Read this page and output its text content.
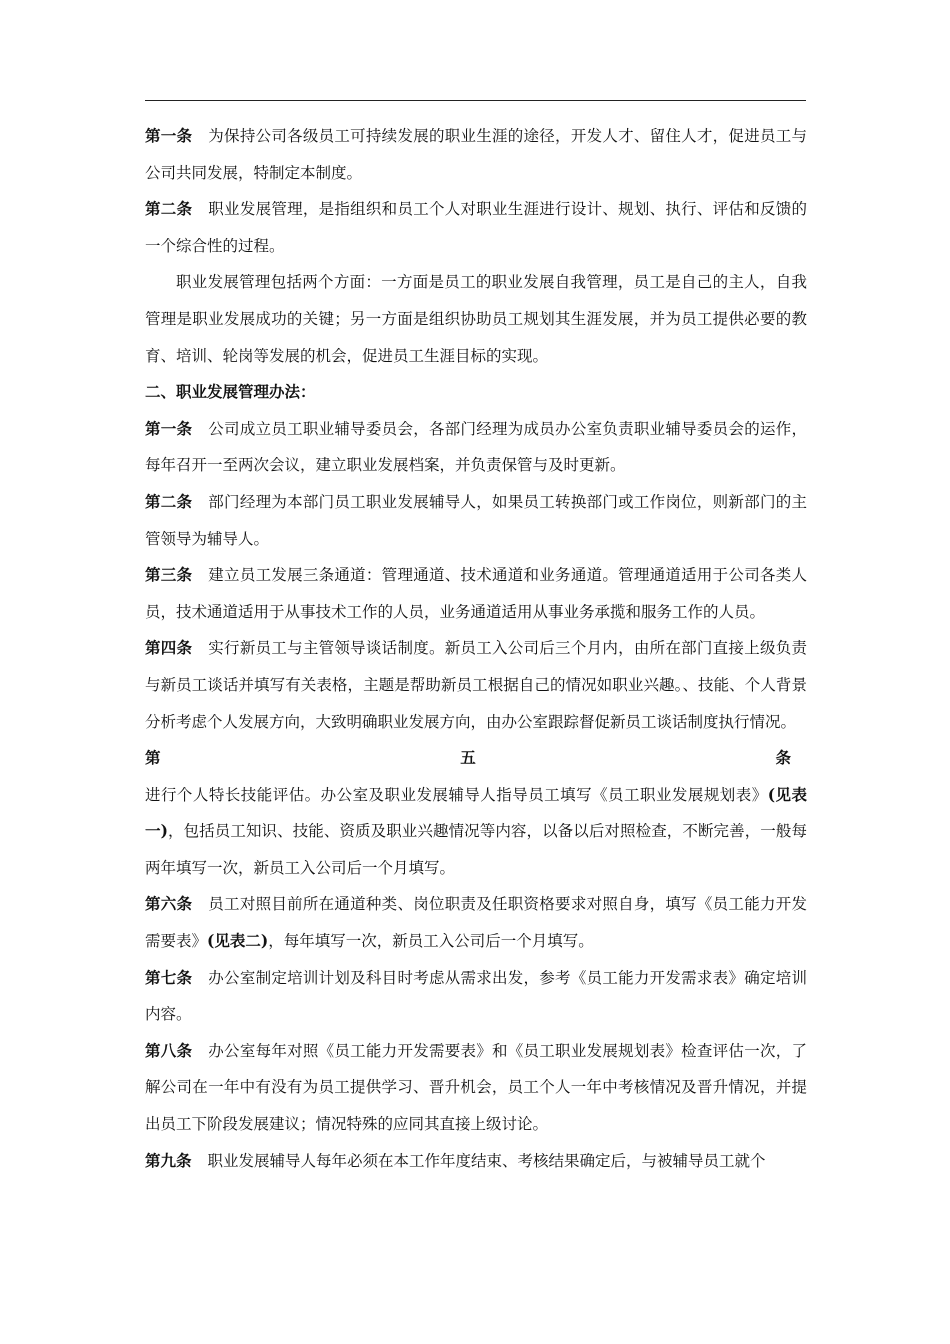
第一条 为保持公司各级员工可持续发展的职业生涯的途径，开发人才、留住人才，促进员工与公司共同发展，特制定本制度。

第二条 职业发展管理，是指组织和员工个人对职业生涯进行设计、规划、执行、评估和反馈的一个综合性的过程。

职业发展管理包括两个方面：一方面是员工的职业发展自我管理，员工是自己的主人，自我管理是职业发展成功的关键；另一方面是组织协助员工规划其生涯发展，并为员工提供必要的教育、培训、轮岗等发展的机会，促进员工生涯目标的实现。

二、职业发展管理办法：

第一条 公司成立员工职业辅导委员会，各部门经理为成员办公室负责职业辅导委员会的运作，每年召开一至两次会议，建立职业发展档案，并负责保管与及时更新。

第二条 部门经理为本部门员工职业发展辅导人，如果员工转换部门或工作岗位，则新部门的主管领导为辅导人。

第三条 建立员工发展三条通道：管理通道、技术通道和业务通道。管理通道适用于公司各类人员，技术通道适用于从事技术工作的人员，业务通道适用从事业务承揽和服务工作的人员。

第四条 实行新员工与主管领导谈话制度。新员工入公司后三个月内，由所在部门直接上级负责与新员工谈话并填写有关表格，主题是帮助新员工根据自己的情况如职业兴趣。、技能、个人背景分析考虑个人发展方向，大致明确职业发展方向，由办公室跟踪督促新员工谈话制度执行情况。

第五条进行个人特长技能评估。办公室及职业发展辅导人指导员工填写《员工职业发展规划表》(见表一)，包括员工知识、技能、资质及职业兴趣情况等内容，以备以后对照检查，不断完善，一般每两年填写一次，新员工入公司后一个月填写。

第六条 员工对照目前所在通道种类、岗位职责及任职资格要求对照自身，填写《员工能力开发需要表》(见表二)，每年填写一次，新员工入公司后一个月填写。

第七条 办公室制定培训计划及科目时考虑从需求出发，参考《员工能力开发需求表》确定培训内容。

第八条 办公室每年对照《员工能力开发需要表》和《员工职业发展规划表》检查评估一次，了解公司在一年中有没有为员工提供学习、晋升机会，员工个人一年中考核情况及晋升情况，并提出员工下阶段发展建议；情况特殊的应同其直接上级讨论。

第九条 职业发展辅导人每年必须在本工作年度结束、考核结果确定后，与被辅导员工就个
